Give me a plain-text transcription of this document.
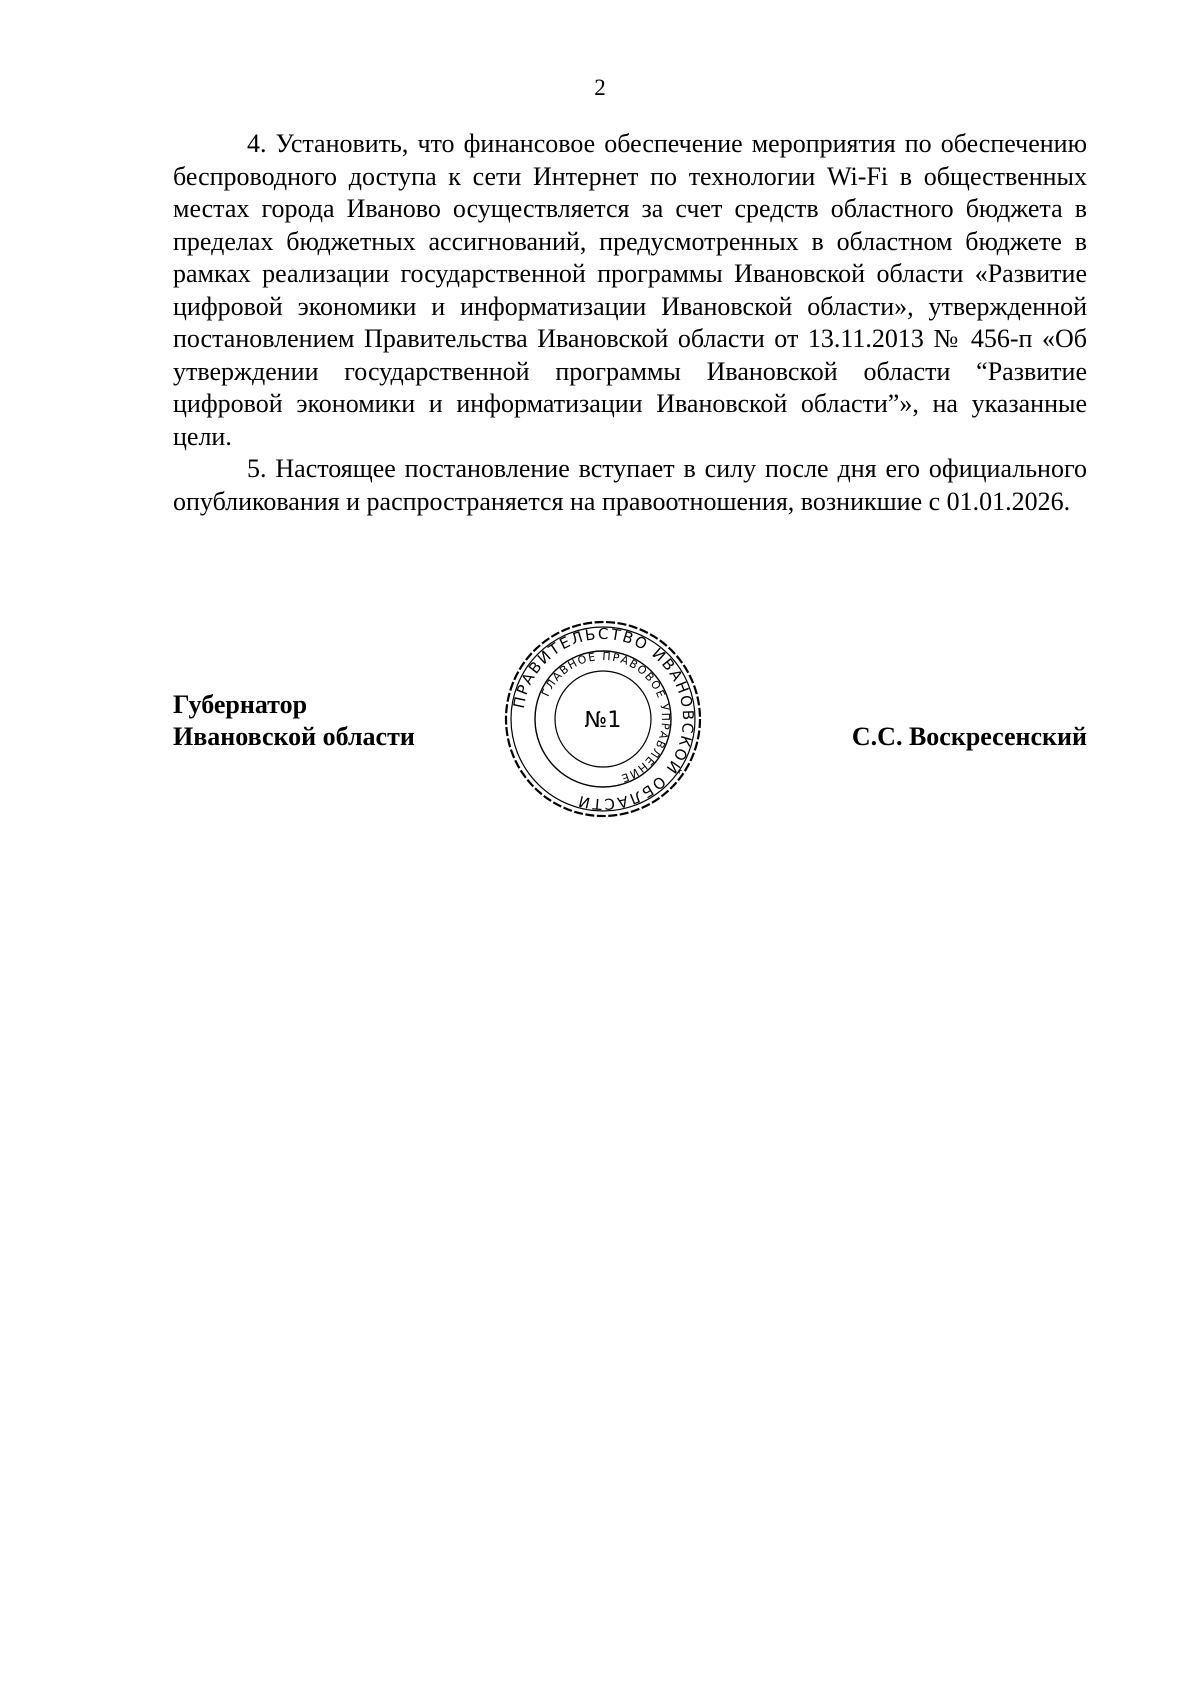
2

4. Установить, что финансовое обеспечение мероприятия по обеспечению беспроводного доступа к сети Интернет по технологии Wi-Fi в общественных местах города Иваново осуществляется за счет средств областного бюджета в пределах бюджетных ассигнований, предусмотренных в областном бюджете в рамках реализации государственной программы Ивановской области «Развитие цифровой экономики и информатизации Ивановской области», утвержденной постановлением Правительства Ивановской области от 13.11.2013 № 456-п «Об утверждении государственной программы Ивановской области “Развитие цифровой экономики и информатизации Ивановской области”», на указанные цели.

5. Настоящее постановление вступает в силу после дня его официального опубликования и распространяется на правоотношения, возникшие с 01.01.2026.

Губернатор
Ивановской области
ПРАВИТЕЛЬСТВО ИВАНОВСКОЙ ОБЛАСТИ
ГЛАВНОЕ ПРАВОВОЕ УПРАВЛЕНИЕ
№1
С.С. Воскресенский
